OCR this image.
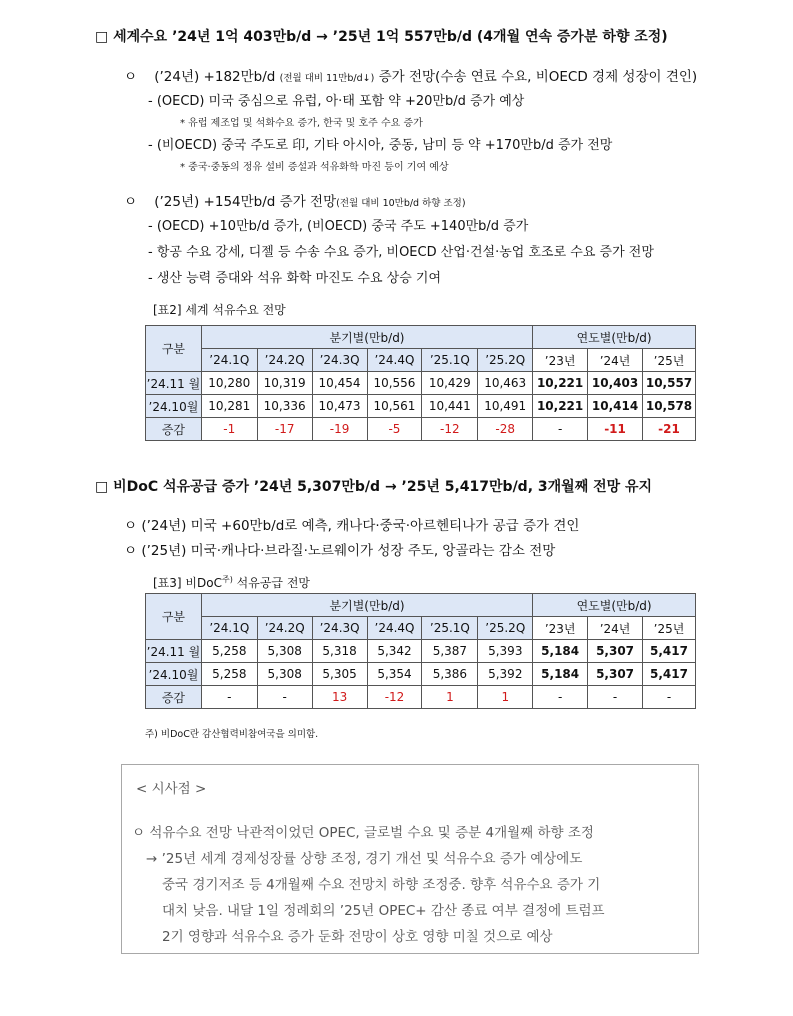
□ 세계수요 ’24년 1억 403만b/d → ’25년 1억 557만b/d (4개월 연속 증가분 하향 조정)
ㅇ (’24년) +182만b/d (전월 대비 11만b/d↓) 증가 전망(수송 연료 수요, 비OECD 경제 성장이 견인)
- (OECD) 미국 중심으로 유럽, 아·태 포함 약 +20만b/d 증가 예상
* 유럽 제조업 및 석화수요 증가, 한국 및 호주 수요 증가
- (비OECD) 중국 주도로 印, 기타 아시아, 중동, 남미 등 약 +170만b/d 증가 전망
* 중국·중동의 정유 설비 증설과 석유화학 마진 등이 기여 예상
ㅇ (’25년) +154만b/d 증가 전망(전월 대비 10만b/d 하향 조정)
- (OECD) +10만b/d 증가, (비OECD) 중국 주도 +140만b/d 증가
- 항공 수요 강세, 디젤 등 수송 수요 증가, 비OECD 산업·건설·농업 호조로 수요 증가 전망
- 생산 능력 증대와 석유 화학 마진도 수요 상승 기여
[표2] 세계 석유수요 전망
구분	분기별(만b/d)						연도별(만b/d)		
	’24.1Q	’24.2Q	’24.3Q	’24.4Q	’25.1Q	’25.2Q	’23년	’24년	’25년
’24.11 월	10,280	10,319	10,454	10,556	10,429	10,463	10,221	10,403	10,557
’24.10월	10,281	10,336	10,473	10,561	10,441	10,491	10,221	10,414	10,578
증감	-1	-17	-19	-5	-12	-28	-	-11	-21
□ 비DoC 석유공급 증가 ’24년 5,307만b/d → ’25년 5,417만b/d, 3개월째 전망 유지
ㅇ (’24년) 미국 +60만b/d로 예측, 캐나다·중국·아르헨티나가 공급 증가 견인
ㅇ (’25년) 미국·캐나다·브라질·노르웨이가 성장 주도, 앙골라는 감소 전망
[표3] 비DoC$^{주)}$ 석유공급 전망
구분	분기별(만b/d)						연도별(만b/d)		
	’24.1Q	’24.2Q	’24.3Q	’24.4Q	’25.1Q	’25.2Q	’23년	’24년	’25년
’24.11 월	5,258	5,308	5,318	5,342	5,387	5,393	5,184	5,307	5,417
’24.10월	5,258	5,308	5,305	5,354	5,386	5,392	5,184	5,307	5,417
증감	-	-	13	-12	1	1	-	-	-
주) 비DoC란 감산협력비참여국을 의미함.
< 시사점 >
ㅇ 석유수요 전망 낙관적이었던 OPEC, 글로벌 수요 및 증분 4개월째 하향 조정
→ ’25년 세계 경제성장률 상향 조정, 경기 개선 및 석유수요 증가 예상에도
중국 경기저조 등 4개월째 수요 전망치 하향 조정중. 향후 석유수요 증가 기
대치 낮음. 내달 1일 정례회의 ’25년 OPEC+ 감산 종료 여부 결정에 트럼프
2기 영향과 석유수요 증가 둔화 전망이 상호 영향 미칠 것으로 예상
